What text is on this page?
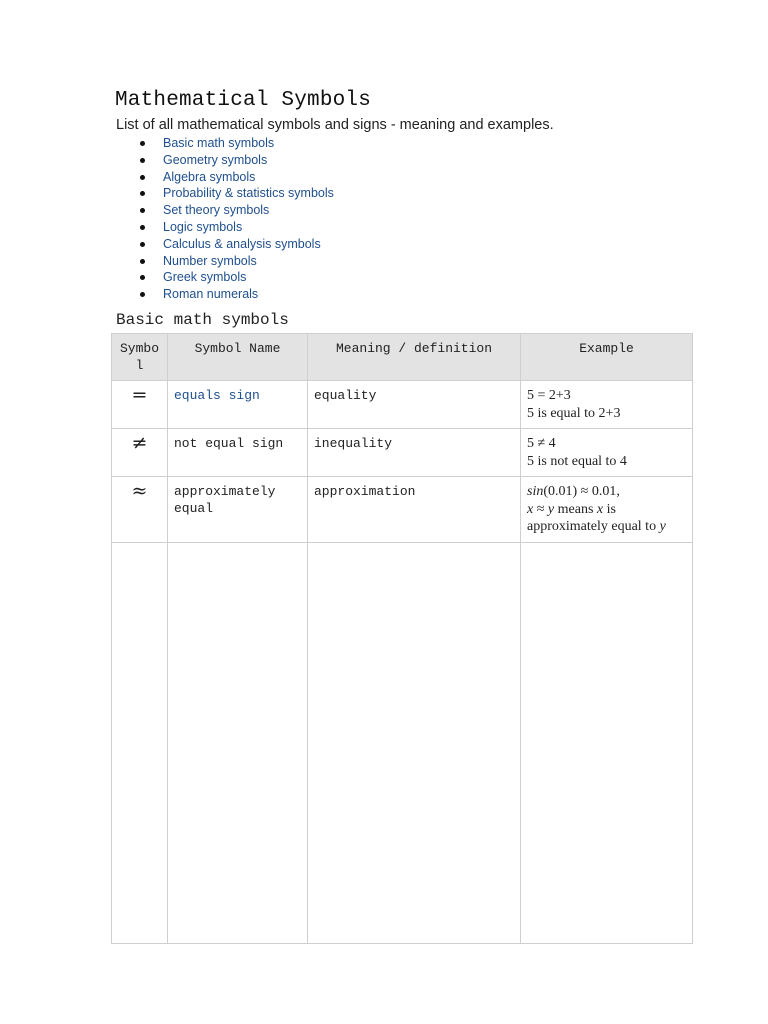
Mathematical Symbols
List of all mathematical symbols and signs - meaning and examples.
Basic math symbols
Geometry symbols
Algebra symbols
Probability & statistics symbols
Set theory symbols
Logic symbols
Calculus & analysis symbols
Number symbols
Greek symbols
Roman numerals
Basic math symbols
Symbo l	Symbol Name	Meaning / definition	Example
=	equals sign	equality	5 = 2+3
5 is equal to 2+3

≠	not equal sign	inequality	5 ≠ 4
5 is not equal to 4

≈	approximately equal	approximation	sin(0.01) ≈ 0.01,
x ≈ y means x is
approximately equal to y
